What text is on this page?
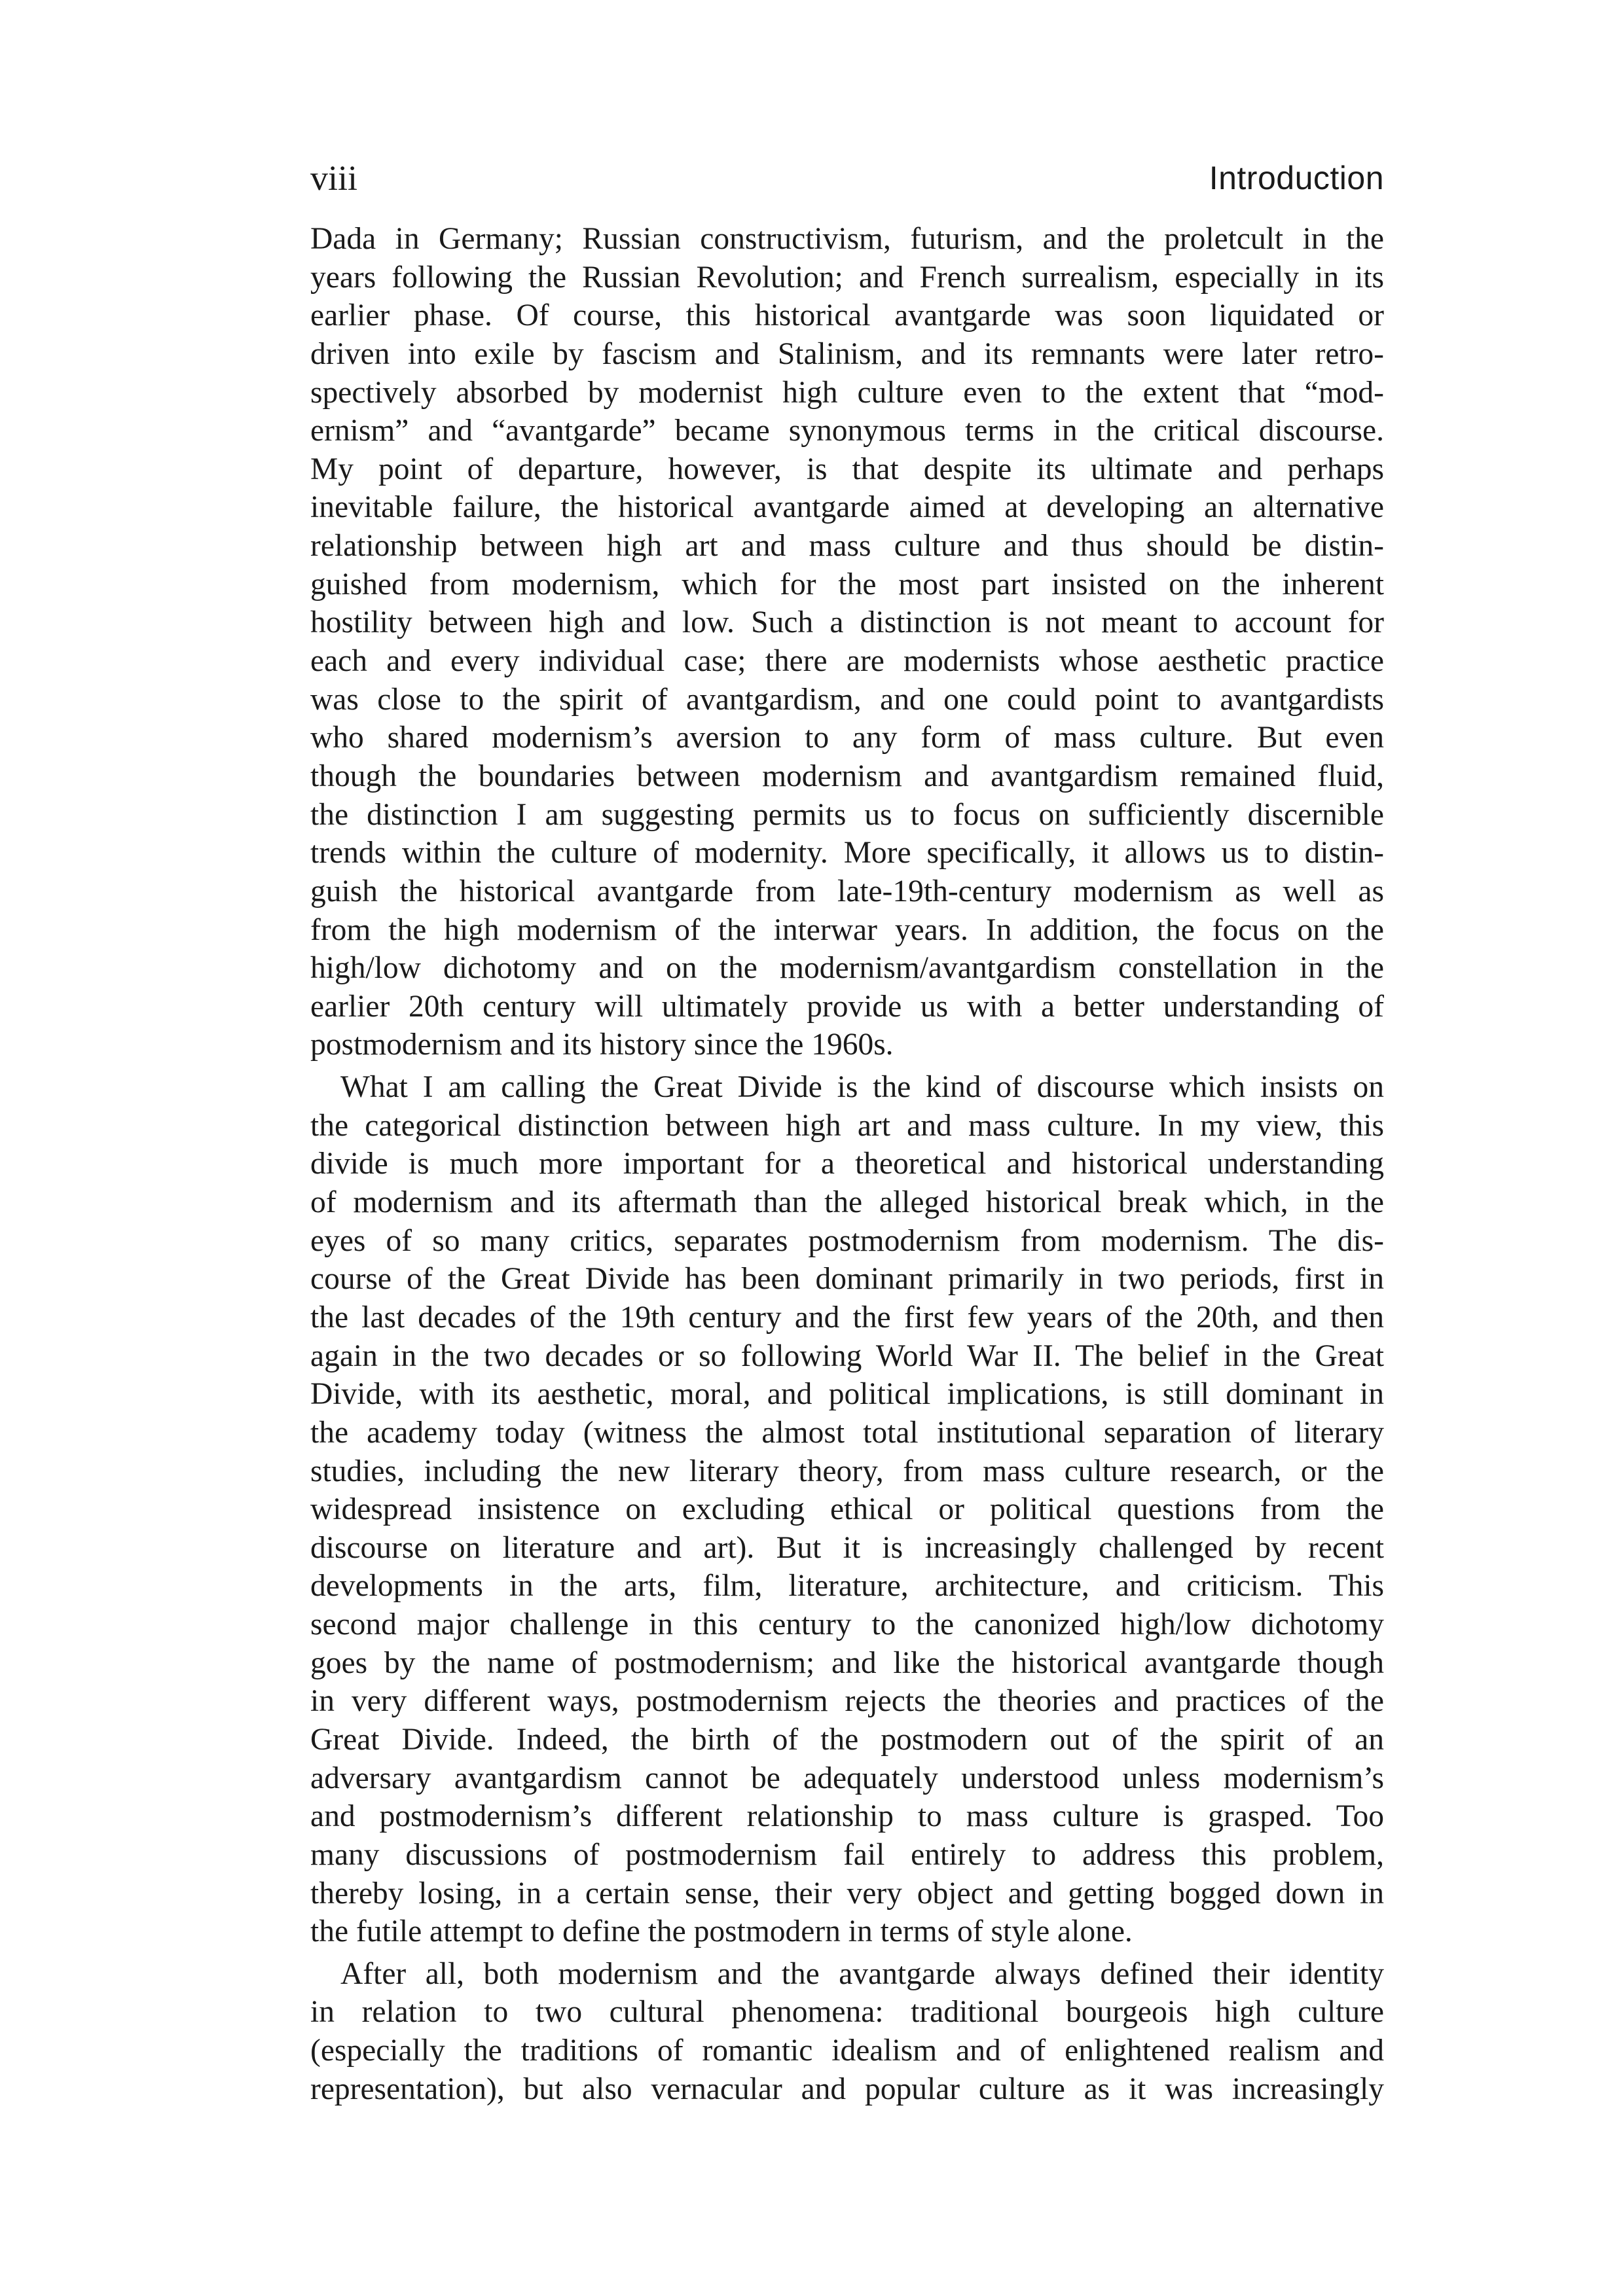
viii	Introduction
Dada in Germany; Russian constructivism, futurism, and the proletcult in the
years following the Russian Revolution; and French surrealism, especially in its
earlier phase. Of course, this historical avantgarde was soon liquidated or
driven into exile by fascism and Stalinism, and its remnants were later retro-
spectively absorbed by modernist high culture even to the extent that “mod-
ernism” and “avantgarde” became synonymous terms in the critical discourse.
My point of departure, however, is that despite its ultimate and perhaps
inevitable failure, the historical avantgarde aimed at developing an alternative
relationship between high art and mass culture and thus should be distin-
guished from modernism, which for the most part insisted on the inherent
hostility between high and low. Such a distinction is not meant to account for
each and every individual case; there are modernists whose aesthetic practice
was close to the spirit of avantgardism, and one could point to avantgardists
who shared modernism’s aversion to any form of mass culture. But even
though the boundaries between modernism and avantgardism remained fluid,
the distinction I am suggesting permits us to focus on sufficiently discernible
trends within the culture of modernity. More specifically, it allows us to distin-
guish the historical avantgarde from late-19th-century modernism as well as
from the high modernism of the interwar years. In addition, the focus on the
high/low dichotomy and on the modernism/avantgardism constellation in the
earlier 20th century will ultimately provide us with a better understanding of
postmodernism and its history since the 1960s.
What I am calling the Great Divide is the kind of discourse which insists on
the categorical distinction between high art and mass culture. In my view, this
divide is much more important for a theoretical and historical understanding
of modernism and its aftermath than the alleged historical break which, in the
eyes of so many critics, separates postmodernism from modernism. The dis-
course of the Great Divide has been dominant primarily in two periods, first in
the last decades of the 19th century and the first few years of the 20th, and then
again in the two decades or so following World War II. The belief in the Great
Divide, with its aesthetic, moral, and political implications, is still dominant in
the academy today (witness the almost total institutional separation of literary
studies, including the new literary theory, from mass culture research, or the
widespread insistence on excluding ethical or political questions from the
discourse on literature and art). But it is increasingly challenged by recent
developments in the arts, film, literature, architecture, and criticism. This
second major challenge in this century to the canonized high/low dichotomy
goes by the name of postmodernism; and like the historical avantgarde though
in very different ways, postmodernism rejects the theories and practices of the
Great Divide. Indeed, the birth of the postmodern out of the spirit of an
adversary avantgardism cannot be adequately understood unless modernism’s
and postmodernism’s different relationship to mass culture is grasped. Too
many discussions of postmodernism fail entirely to address this problem,
thereby losing, in a certain sense, their very object and getting bogged down in
the futile attempt to define the postmodern in terms of style alone.
After all, both modernism and the avantgarde always defined their identity
in relation to two cultural phenomena: traditional bourgeois high culture
(especially the traditions of romantic idealism and of enlightened realism and
representation), but also vernacular and popular culture as it was increasingly
